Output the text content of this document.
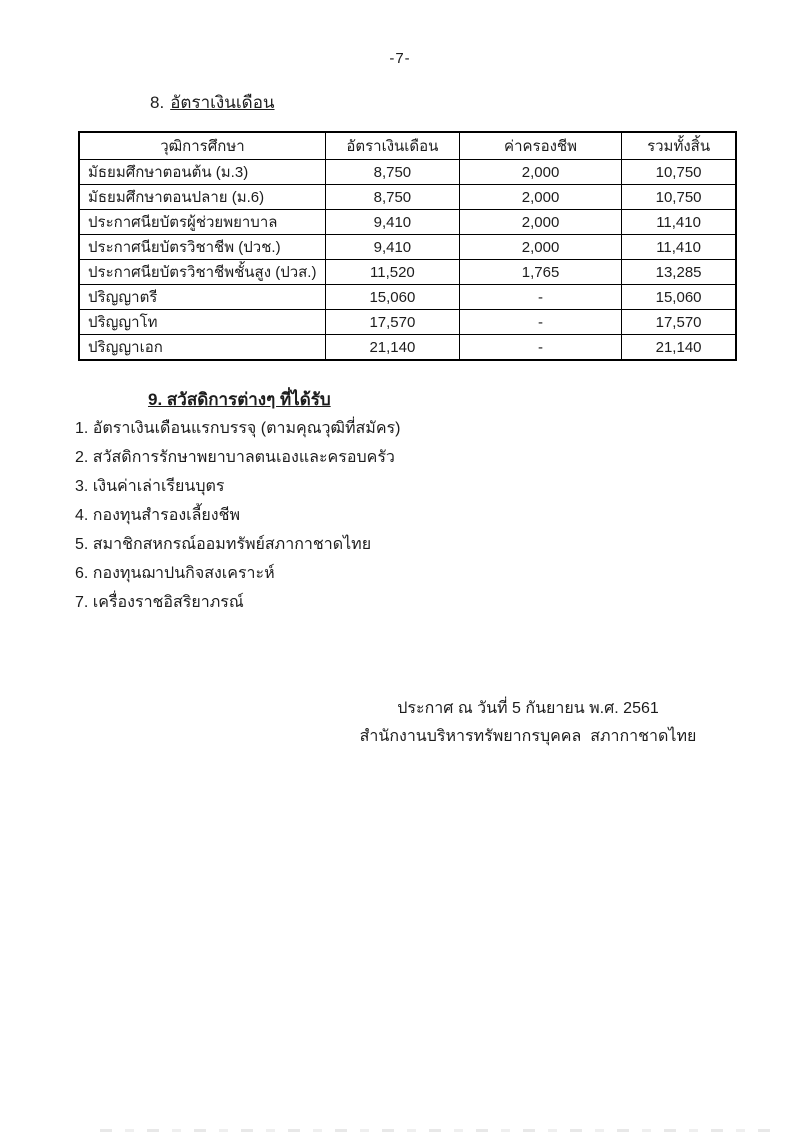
-7-
8. อัตราเงินเดือน
วุฒิการศึกษา	อัตราเงินเดือน	ค่าครองชีพ	รวมทั้งสิ้น
มัธยมศึกษาตอนต้น (ม.3)	8,750	2,000	10,750
มัธยมศึกษาตอนปลาย (ม.6)	8,750	2,000	10,750
ประกาศนียบัตรผู้ช่วยพยาบาล	9,410	2,000	11,410
ประกาศนียบัตรวิชาชีพ (ปวช.)	9,410	2,000	11,410
ประกาศนียบัตรวิชาชีพชั้นสูง (ปวส.)	11,520	1,765	13,285
ปริญญาตรี	15,060	-	15,060
ปริญญาโท	17,570	-	17,570
ปริญญาเอก	21,140	-	21,140
9. สวัสดิการต่างๆ ที่ได้รับ
1. อัตราเงินเดือนแรกบรรจุ (ตามคุณวุฒิที่สมัคร)
2. สวัสดิการรักษาพยาบาลตนเองและครอบครัว
3. เงินค่าเล่าเรียนบุตร
4. กองทุนสำรองเลี้ยงชีพ
5. สมาชิกสหกรณ์ออมทรัพย์สภากาชาดไทย
6. กองทุนฌาปนกิจสงเคราะห์
7. เครื่องราชอิสริยาภรณ์
ประกาศ ณ วันที่ 5 กันยายน พ.ศ. 2561
สำนักงานบริหารทรัพยากรบุคคล  สภากาชาดไทย
